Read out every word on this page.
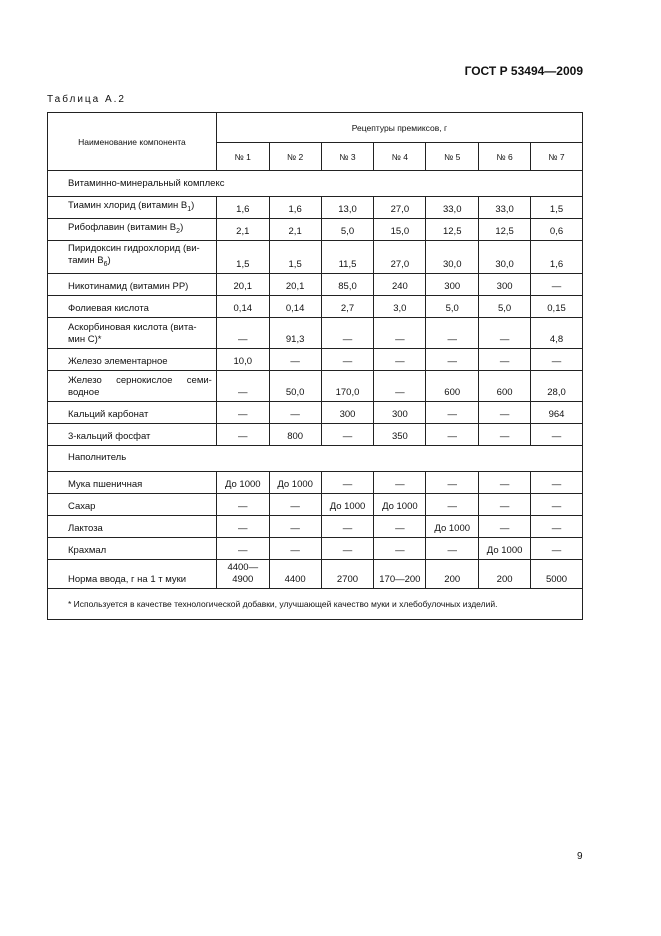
ГОСТ Р 53494—2009
Таблица А.2
Наименование компонента	Рецептуры премиксов, г						
	№ 1	№ 2	№ 3	№ 4	№ 5	№ 6	№ 7
Витаминно-минеральный комплекс							
Тиамин хлорид (витамин $B_1$)	1,6	1,6	13,0	27,0	33,0	33,0	1,5
Рибофлавин (витамин $B_2$)	2,1	2,1	5,0	15,0	12,5	12,5	0,6
Пиридоксин гидрохлорид (ви-
тамин $B_6$)	1,5	1,5	11,5	27,0	30,0	30,0	1,6
Никотинамид (витамин PP)	20,1	20,1	85,0	240	300	300	—
Фолиевая кислота	0,14	0,14	2,7	3,0	5,0	5,0	0,15
Аскорбиновая кислота (вита-
мин С)*	—	91,3	—	—	—	—	4,8
Железо элементарное	10,0	—	—	—	—	—	—
Железо сернокислое семи-
водное	—	50,0	170,0	—	600	600	28,0
Кальций карбонат	—	—	300	300	—	—	964
3-кальций фосфат	—	800	—	350	—	—	—
Наполнитель							
Мука пшеничная	До 1000	До 1000	—	—	—	—	—
Сахар	—	—	До 1000	До 1000	—	—	—
Лактоза	—	—	—	—	До 1000	—	—
Крахмал	—	—	—	—	—	До 1000	—
Норма ввода, г на 1 т муки	4400—4900	4400	2700	170—200	200	200	5000
* Используется в качестве технологической добавки, улучшающей качество муки и хлебобулочных изделий.							
9
